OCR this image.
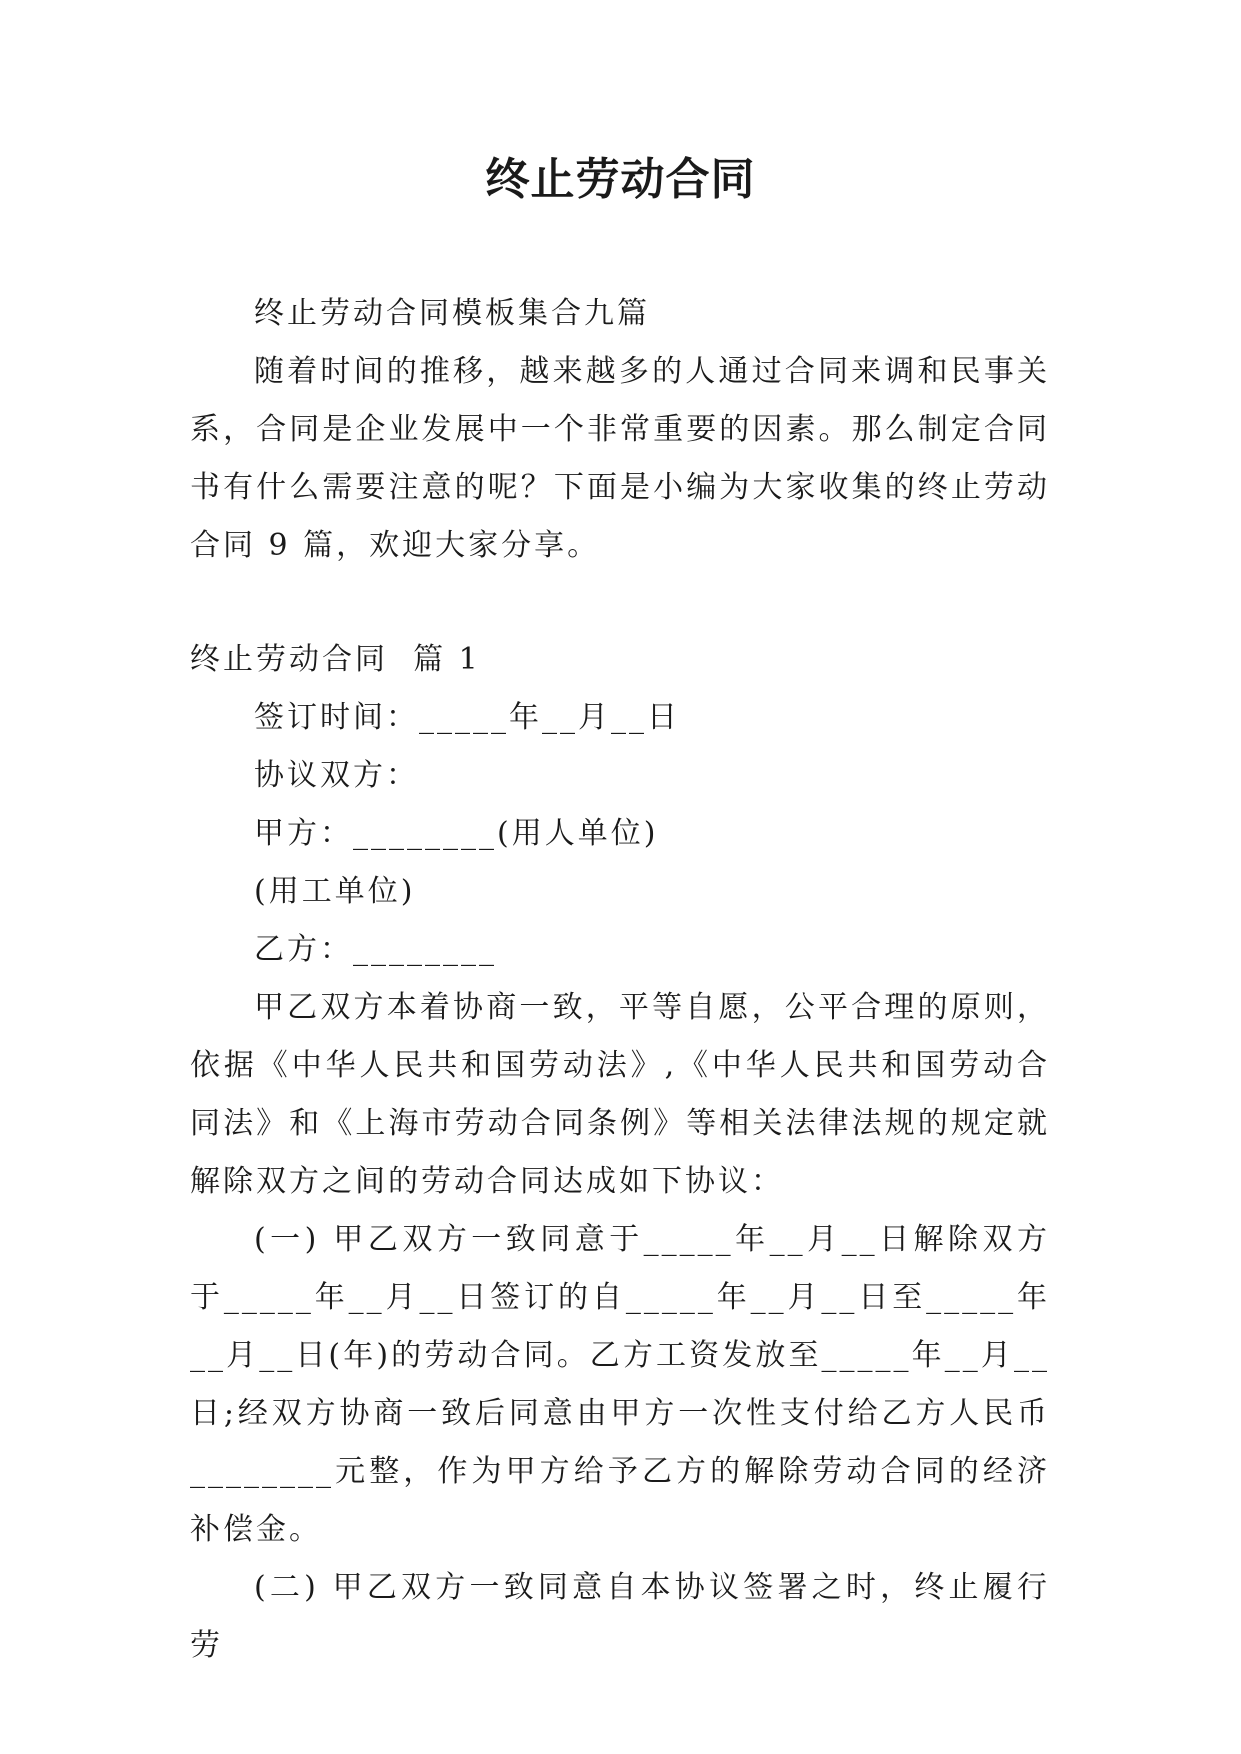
终止劳动合同

终止劳动合同模板集合九篇

随着时间的推移，越来越多的人通过合同来调和民事关系，合同是企业发展中一个非常重要的因素。那么制定合同书有什么需要注意的呢？下面是小编为大家收集的终止劳动合同 9 篇，欢迎大家分享。

终止劳动合同  篇 1

签订时间：_____年__月__日

协议双方：

甲方：________(用人单位)

(用工单位)

乙方：________

甲乙双方本着协商一致，平等自愿，公平合理的原则，依据《中华人民共和国劳动法》,《中华人民共和国劳动合同法》和《上海市劳动合同条例》等相关法律法规的规定就解除双方之间的劳动合同达成如下协议：

(一) 甲乙双方一致同意于_____年__月__日解除双方于_____年__月__日签订的自_____年__月__日至_____年__月__日(年)的劳动合同。乙方工资发放至_____年__月__日;经双方协商一致后同意由甲方一次性支付给乙方人民币________元整，作为甲方给予乙方的解除劳动合同的经济补偿金。

(二) 甲乙双方一致同意自本协议签署之时，终止履行劳
